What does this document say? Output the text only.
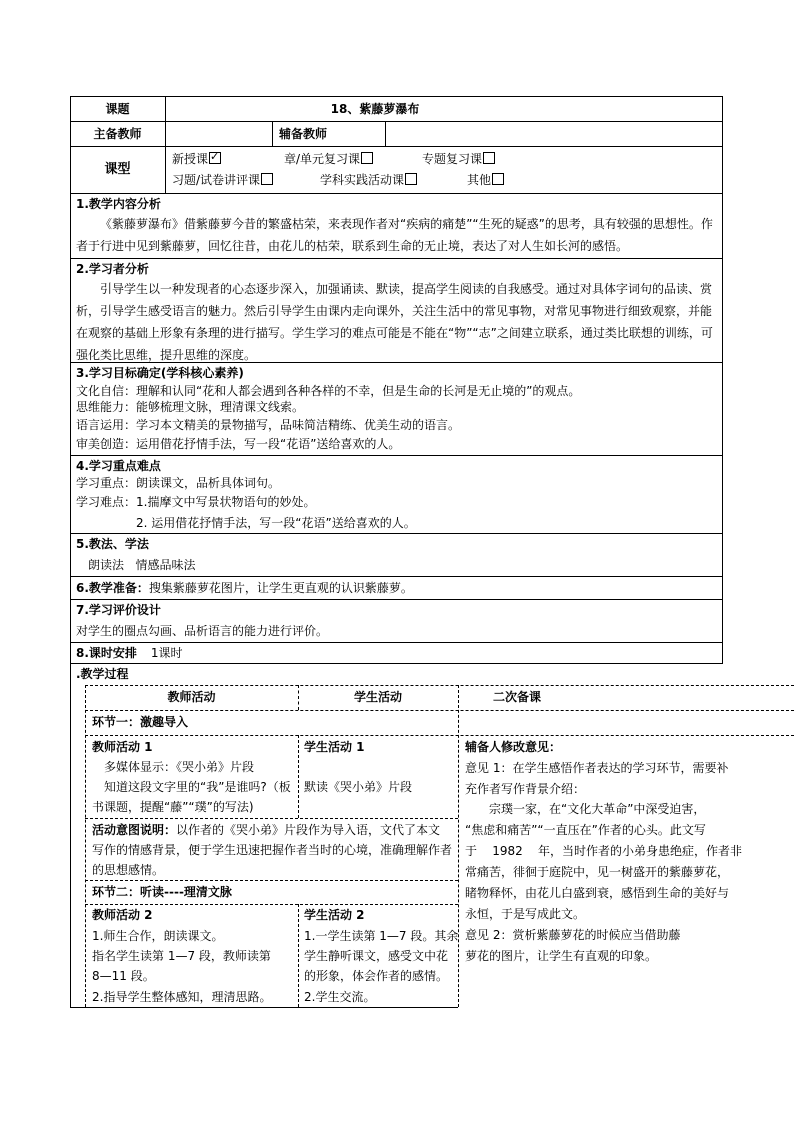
课题	18、紫藤萝瀑布
主备教师	辅备教师
课型
新授课✓	章/单元复习课	专题复习课
习题/试卷讲评课	学科实践活动课	其他
1.教学内容分析
《紫藤萝瀑布》借紫藤萝今昔的繁盛枯荣，来表现作者对“疾病的痛楚”“生死的疑惑”的思考，具有较强的思想性。作者于行进中见到紫藤萝，回忆往昔，由花儿的枯荣，联系到生命的无止境，表达了对人生如长河的感悟。
2.学习者分析
引导学生以一种发现者的心态逐步深入，加强诵读、默读，提高学生阅读的自我感受。通过对具体字词句的品读、赏析，引导学生感受语言的魅力。然后引导学生由课内走向课外，关注生活中的常见事物，对常见事物进行细致观察，并能在观察的基础上形象有条理的进行描写。学生学习的难点可能是不能在“物”“志”之间建立联系，通过类比联想的训练，可强化类比思维，提升思维的深度。
3.学习目标确定(学科核心素养)
文化自信：理解和认同“花和人都会遇到各种各样的不幸，但是生命的长河是无止境的”的观点。
思维能力：能够梳理文脉，理清课文线索。
语言运用：学习本文精美的景物描写，品味简洁精练、优美生动的语言。
审美创造：运用借花抒情手法，写一段“花语”送给喜欢的人。
4.学习重点难点
学习重点：朗读课文，品析具体词句。
学习难点：1.揣摩文中写景状物语句的妙处。
2. 运用借花抒情手法，写一段“花语”送给喜欢的人。
5.教法、学法
朗读法   情感品味法
6.教学准备：搜集紫藤萝花图片，让学生更直观的认识紫藤萝。
7.学习评价设计
对学生的圈点勾画、品析语言的能力进行评价。
8.课时安排 1课时
.教学过程
教师活动	学生活动	二次备课
环节一：激趣导入
教师活动 1
多媒体显示：《哭小弟》片段
知道这段文字里的“我”是谁吗?（板
书课题，提醒“藤”“璞”的写法)
学生活动 1
默读《哭小弟》片段
活动意图说明：以作者的《哭小弟》片段作为导入语，文代了本文
写作的情感背景，便于学生迅速把握作者当时的心境，准确理解作者
的思想感情。
环节二：听读----理清文脉
教师活动 2
1.师生合作，朗读课文。
指名学生读第 1—7 段，教师读第
8—11 段。
2.指导学生整体感知，理清思路。
学生活动 2
1.一学生读第 1—7 段。其余
学生静听课文，感受文中花
的形象，体会作者的感情。
2.学生交流。
辅备人修改意见：
意见 1：在学生感悟作者表达的学习环节，需要补
充作者写作背景介绍：
宗璞一家，在“文化大革命”中深受迫害，
“焦虑和痛苦”“一直压在”作者的心头。此文写
于    1982    年，当时作者的小弟身患绝症，作者非
常痛苦，徘徊于庭院中，见一树盛开的紫藤萝花，
睹物释怀，由花儿白盛到衰，感悟到生命的美好与
永恒，于是写成此文。
意见 2：赏析紫藤萝花的时候应当借助藤
萝花的图片，让学生有直观的印象。
